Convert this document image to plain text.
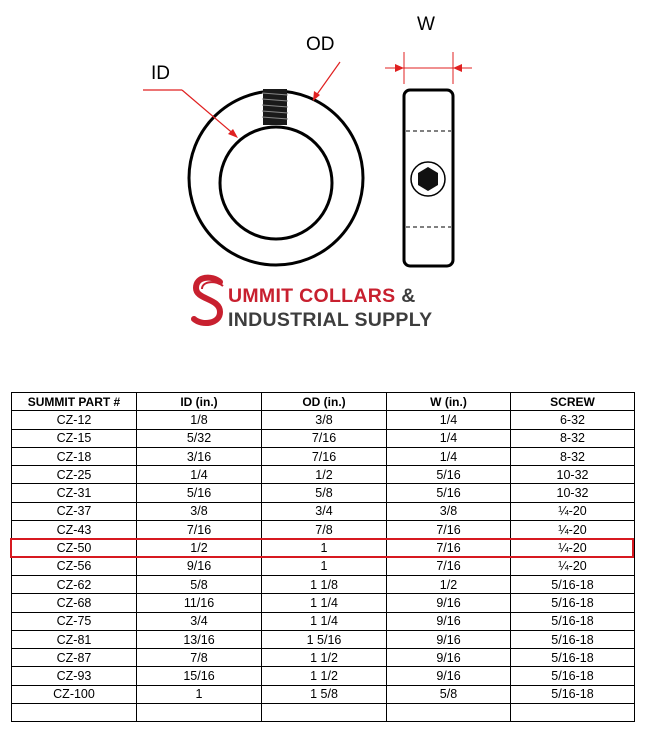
OD
ID
W
UMMIT COLLARS &
INDUSTRIAL SUPPLY
SUMMIT PART #	ID (in.)	OD (in.)	W (in.)	SCREW
CZ-12	1/8	3/8	1/4	6-32
CZ-15	5/32	7/16	1/4	8-32
CZ-18	3/16	7/16	1/4	8-32
CZ-25	1/4	1/2	5/16	10-32
CZ-31	5/16	5/8	5/16	10-32
CZ-37	3/8	3/4	3/8	¼-20
CZ-43	7/16	7/8	7/16	¼-20
CZ-50	1/2	1	7/16	¼-20
CZ-56	9/16	1	7/16	¼-20
CZ-62	5/8	1 1/8	1/2	5/16-18
CZ-68	11/16	1 1/4	9/16	5/16-18
CZ-75	3/4	1 1/4	9/16	5/16-18
CZ-81	13/16	1 5/16	9/16	5/16-18
CZ-87	7/8	1 1/2	9/16	5/16-18
CZ-93	15/16	1 1/2	9/16	5/16-18
CZ-100	1	1 5/8	5/8	5/16-18
